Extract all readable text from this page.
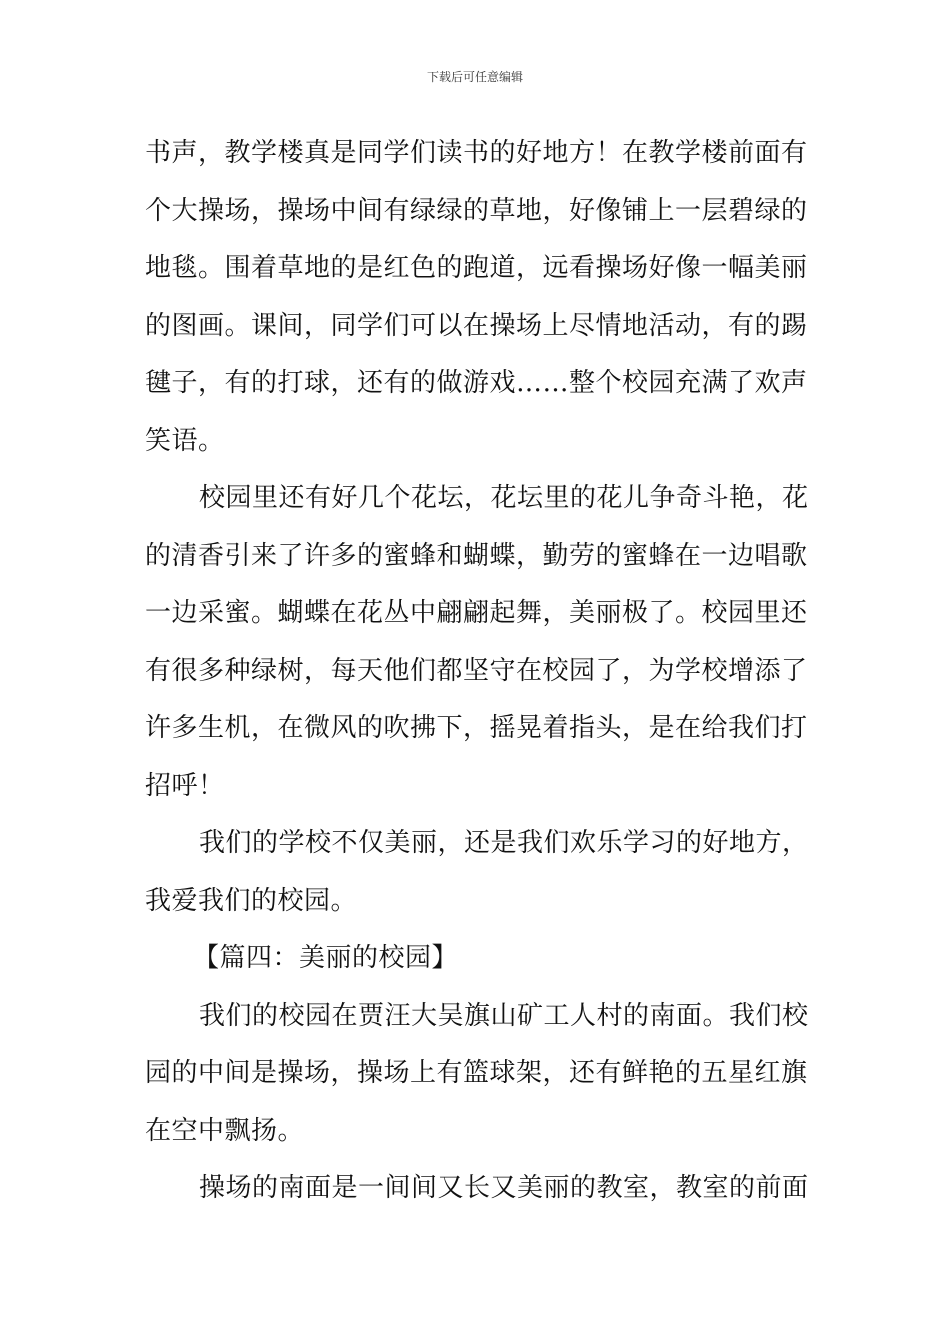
下载后可任意编辑
书声，教学楼真是同学们读书的好地方！在教学楼前面有
个大操场，操场中间有绿绿的草地，好像铺上一层碧绿的
地毯。围着草地的是红色的跑道，远看操场好像一幅美丽
的图画。课间，同学们可以在操场上尽情地活动，有的踢
毽子，有的打球，还有的做游戏……整个校园充满了欢声
笑语。
校园里还有好几个花坛，花坛里的花儿争奇斗艳，花
的清香引来了许多的蜜蜂和蝴蝶，勤劳的蜜蜂在一边唱歌
一边采蜜。蝴蝶在花丛中翩翩起舞，美丽极了。校园里还
有很多种绿树，每天他们都坚守在校园了，为学校增添了
许多生机，在微风的吹拂下，摇晃着指头，是在给我们打
招呼！
我们的学校不仅美丽，还是我们欢乐学习的好地方，
我爱我们的校园。
【篇四：美丽的校园】
我们的校园在贾汪大吴旗山矿工人村的南面。我们校
园的中间是操场，操场上有篮球架，还有鲜艳的五星红旗
在空中飘扬。
操场的南面是一间间又长又美丽的教室，教室的前面
